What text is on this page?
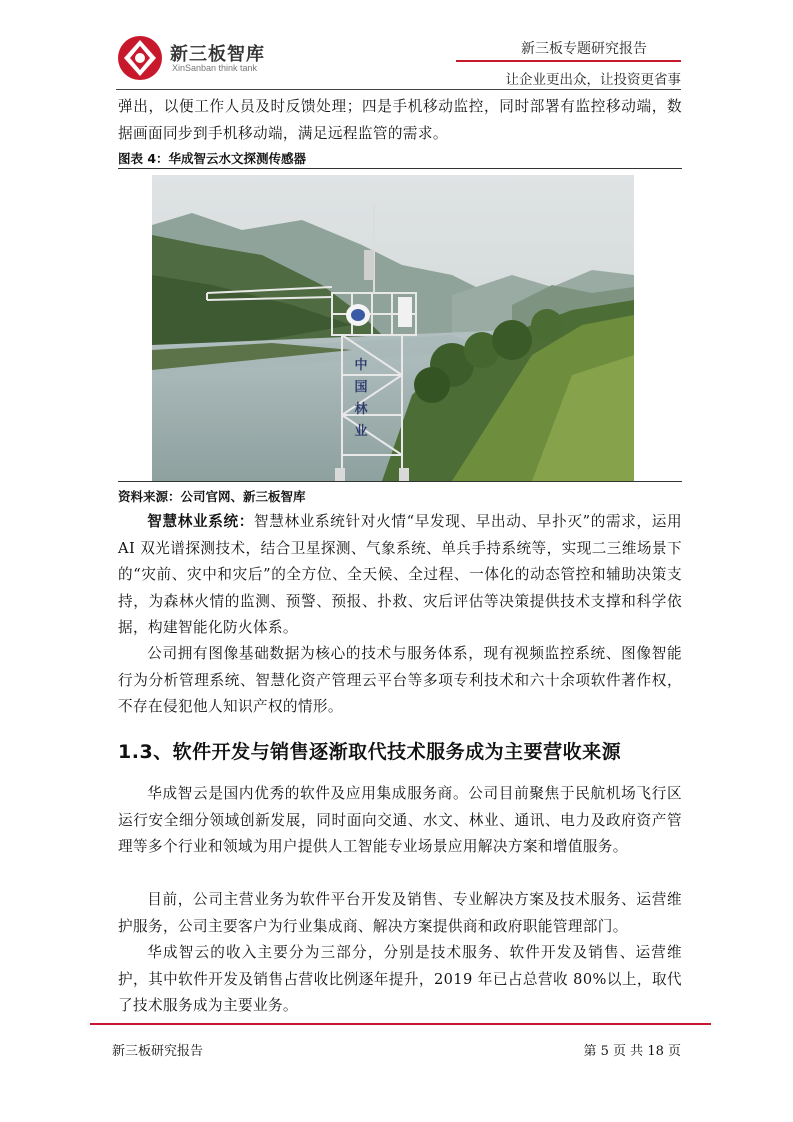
新三板智库
XinSanban think tank
新三板专题研究报告
让企业更出众，让投资更省事
弹出，以便工作人员及时反馈处理；四是手机移动监控，同时部署有监控移动端，数据画面同步到手机移动端，满足远程监管的需求。
图表 4：华成智云水文探测传感器
中国林业
资料来源：公司官网、新三板智库
智慧林业系统：智慧林业系统针对火情“早发现、早出动、早扑灭”的需求，运用 AI 双光谱探测技术，结合卫星探测、气象系统、单兵手持系统等，实现二三维场景下的“灾前、灾中和灾后”的全方位、全天候、全过程、一体化的动态管控和辅助决策支持，为森林火情的监测、预警、预报、扑救、灾后评估等决策提供技术支撑和科学依据，构建智能化防火体系。
公司拥有图像基础数据为核心的技术与服务体系，现有视频监控系统、图像智能行为分析管理系统、智慧化资产管理云平台等多项专利技术和六十余项软件著作权，不存在侵犯他人知识产权的情形。
1.3、软件开发与销售逐渐取代技术服务成为主要营收来源
华成智云是国内优秀的软件及应用集成服务商。公司目前聚焦于民航机场飞行区运行安全细分领域创新发展，同时面向交通、水文、林业、通讯、电力及政府资产管理等多个行业和领域为用户提供人工智能专业场景应用解决方案和增值服务。
目前，公司主营业务为软件平台开发及销售、专业解决方案及技术服务、运营维护服务，公司主要客户为行业集成商、解决方案提供商和政府职能管理部门。
华成智云的收入主要分为三部分，分别是技术服务、软件开发及销售、运营维护，其中软件开发及销售占营收比例逐年提升，2019 年已占总营收 80%以上，取代了技术服务成为主要业务。
新三板研究报告	第 5 页 共 18 页
